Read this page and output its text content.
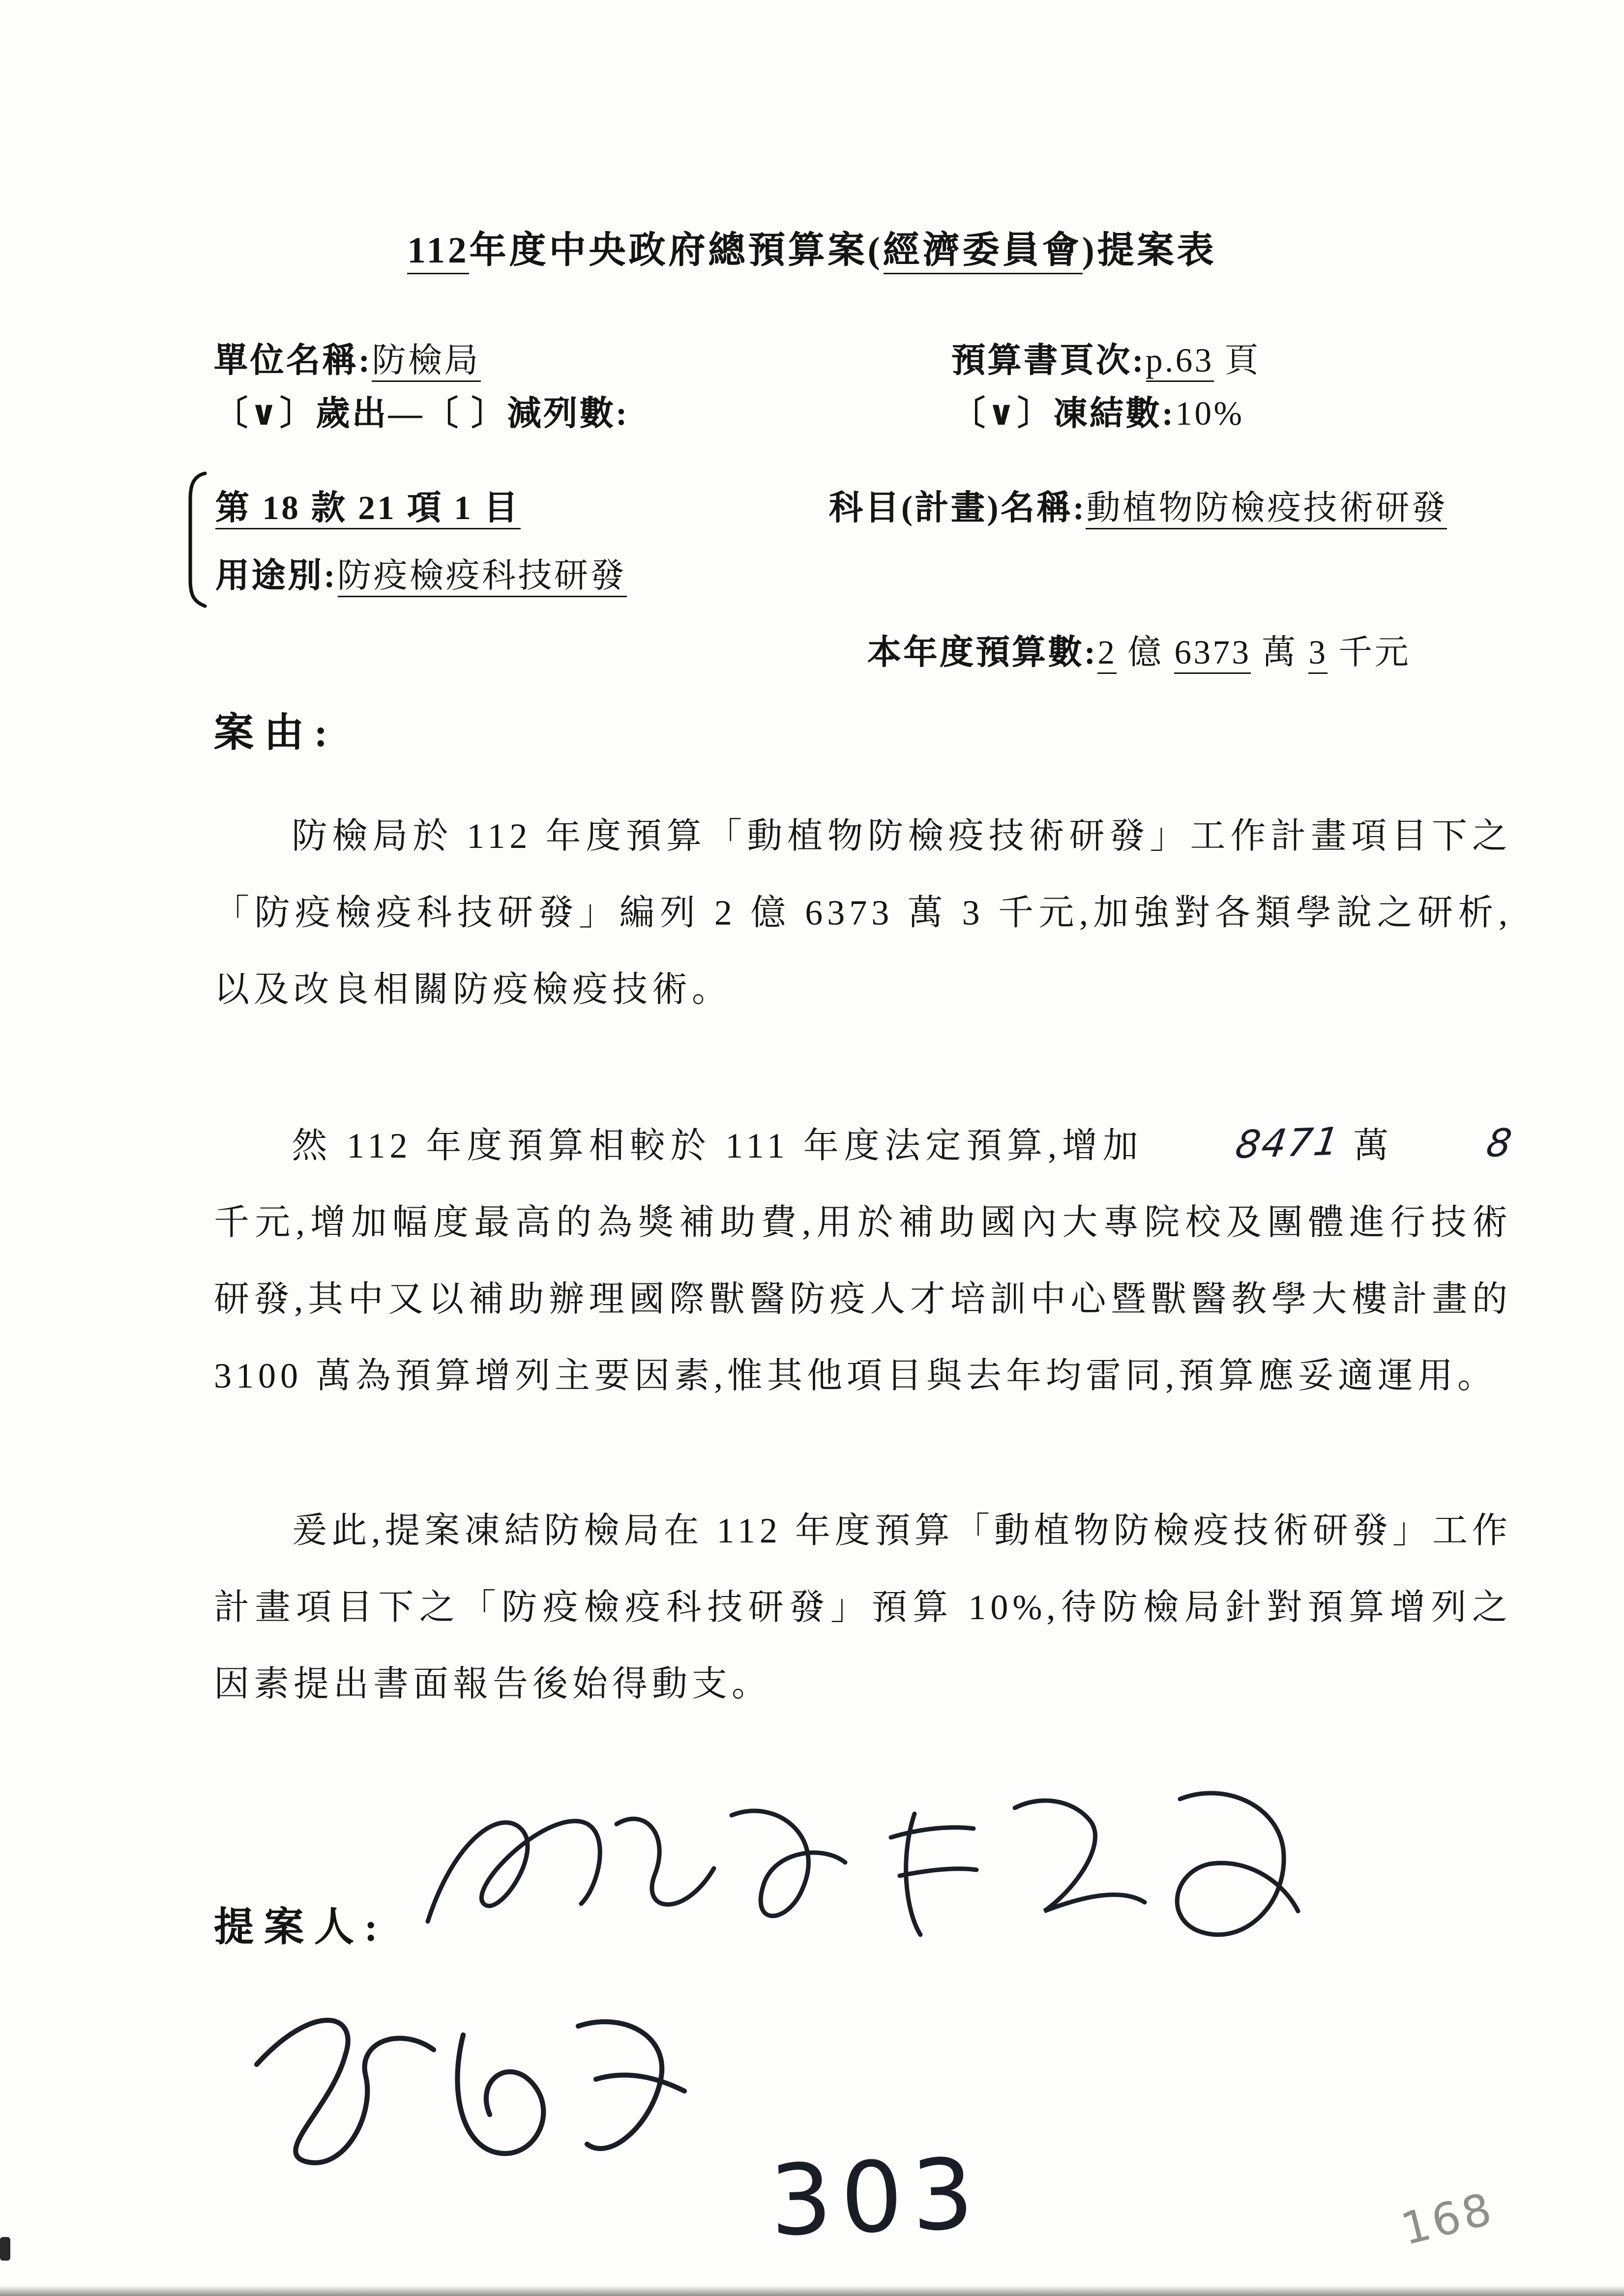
112年度中央政府總預算案(經濟委員會)提案表
單位名稱:防檢局	預算書頁次:p.63 頁
〔∨〕歲出—〔 〕減列數:	〔∨〕凍結數:10%
第 18 款 21 項 1 目	科目(計畫)名稱:動植物防檢疫技術研發
用途別:防疫檢疫科技研發
本年度預算數:2 億 6373 萬 3 千元
案由:

防檢局於 112 年度預算「動植物防檢疫技術研發」工作計畫項目下之「防疫檢疫科技研發」編列 2 億 6373 萬 3 千元,加強對各類學說之研析,以及改良相關防疫檢疫技術。

然 112 年度預算相較於 111 年度法定預算,增加	8471 萬	8 千元,增加幅度最高的為獎補助費,用於補助國內大專院校及團體進行技術研發,其中又以補助辦理國際獸醫防疫人才培訓中心暨獸醫教學大樓計畫的 3100 萬為預算增列主要因素,惟其他項目與去年均雷同,預算應妥適運用。

爰此,提案凍結防檢局在 112 年度預算「動植物防檢疫技術研發」工作計畫項目下之「防疫檢疫科技研發」預算 10%,待防檢局針對預算增列之因素提出書面報告後始得動支。

提案人:
303	168
